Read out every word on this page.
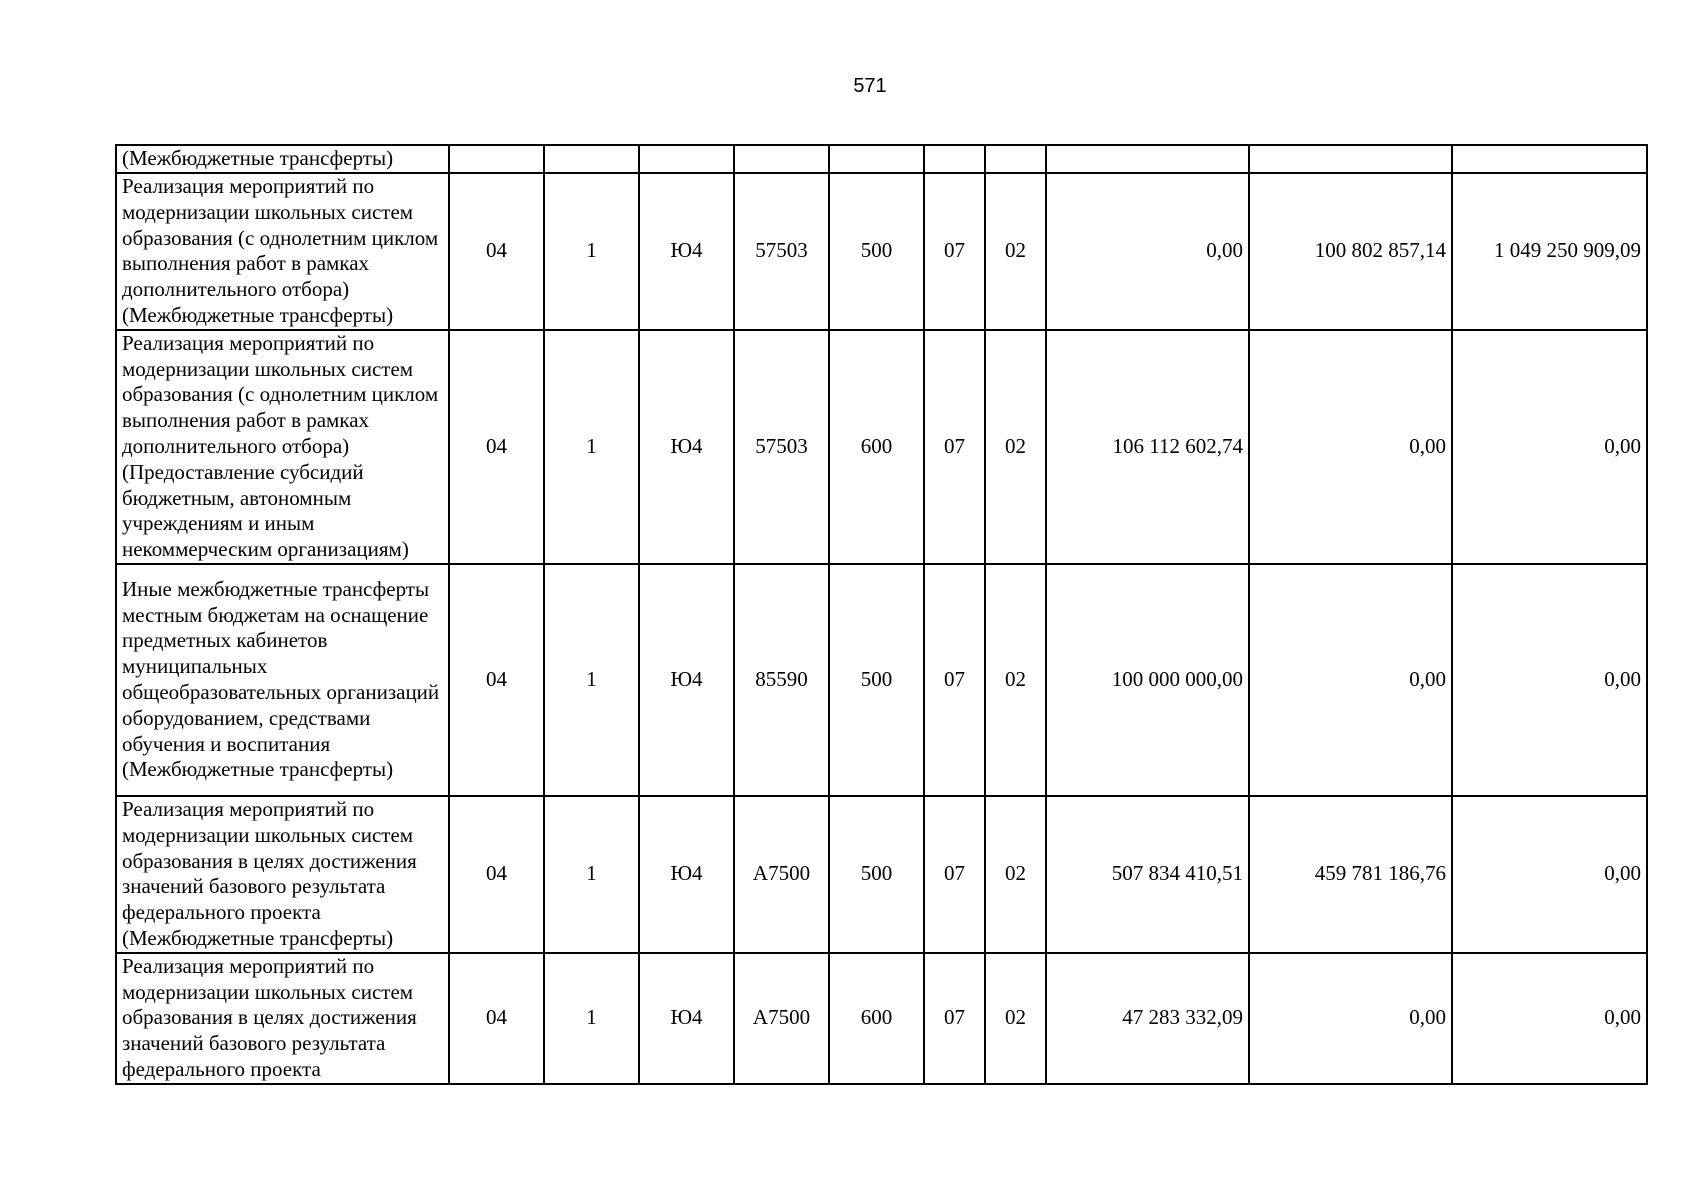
571
(Межбюджетные трансферты)										
Реализация мероприятий по модернизации школьных систем образования (с однолетним циклом выполнения работ в рамках дополнительного отбора) (Межбюджетные трансферты)	04	1	Ю4	57503	500	07	02	0,00	100 802 857,14	1 049 250 909,09
Реализация мероприятий по модернизации школьных систем образования (с однолетним циклом выполнения работ в рамках дополнительного отбора) (Предоставление субсидий бюджетным, автономным учреждениям и иным некоммерческим организациям)	04	1	Ю4	57503	600	07	02	106 112 602,74	0,00	0,00
Иные межбюджетные трансферты местным бюджетам на оснащение предметных кабинетов муниципальных общеобразовательных организаций оборудованием, средствами обучения и воспитания (Межбюджетные трансферты)	04	1	Ю4	85590	500	07	02	100 000 000,00	0,00	0,00
Реализация мероприятий по модернизации школьных систем образования в целях достижения значений базового результата федерального проекта (Межбюджетные трансферты)	04	1	Ю4	А7500	500	07	02	507 834 410,51	459 781 186,76	0,00
Реализация мероприятий по модернизации школьных систем образования в целях достижения значений базового результата федерального проекта	04	1	Ю4	А7500	600	07	02	47 283 332,09	0,00	0,00
